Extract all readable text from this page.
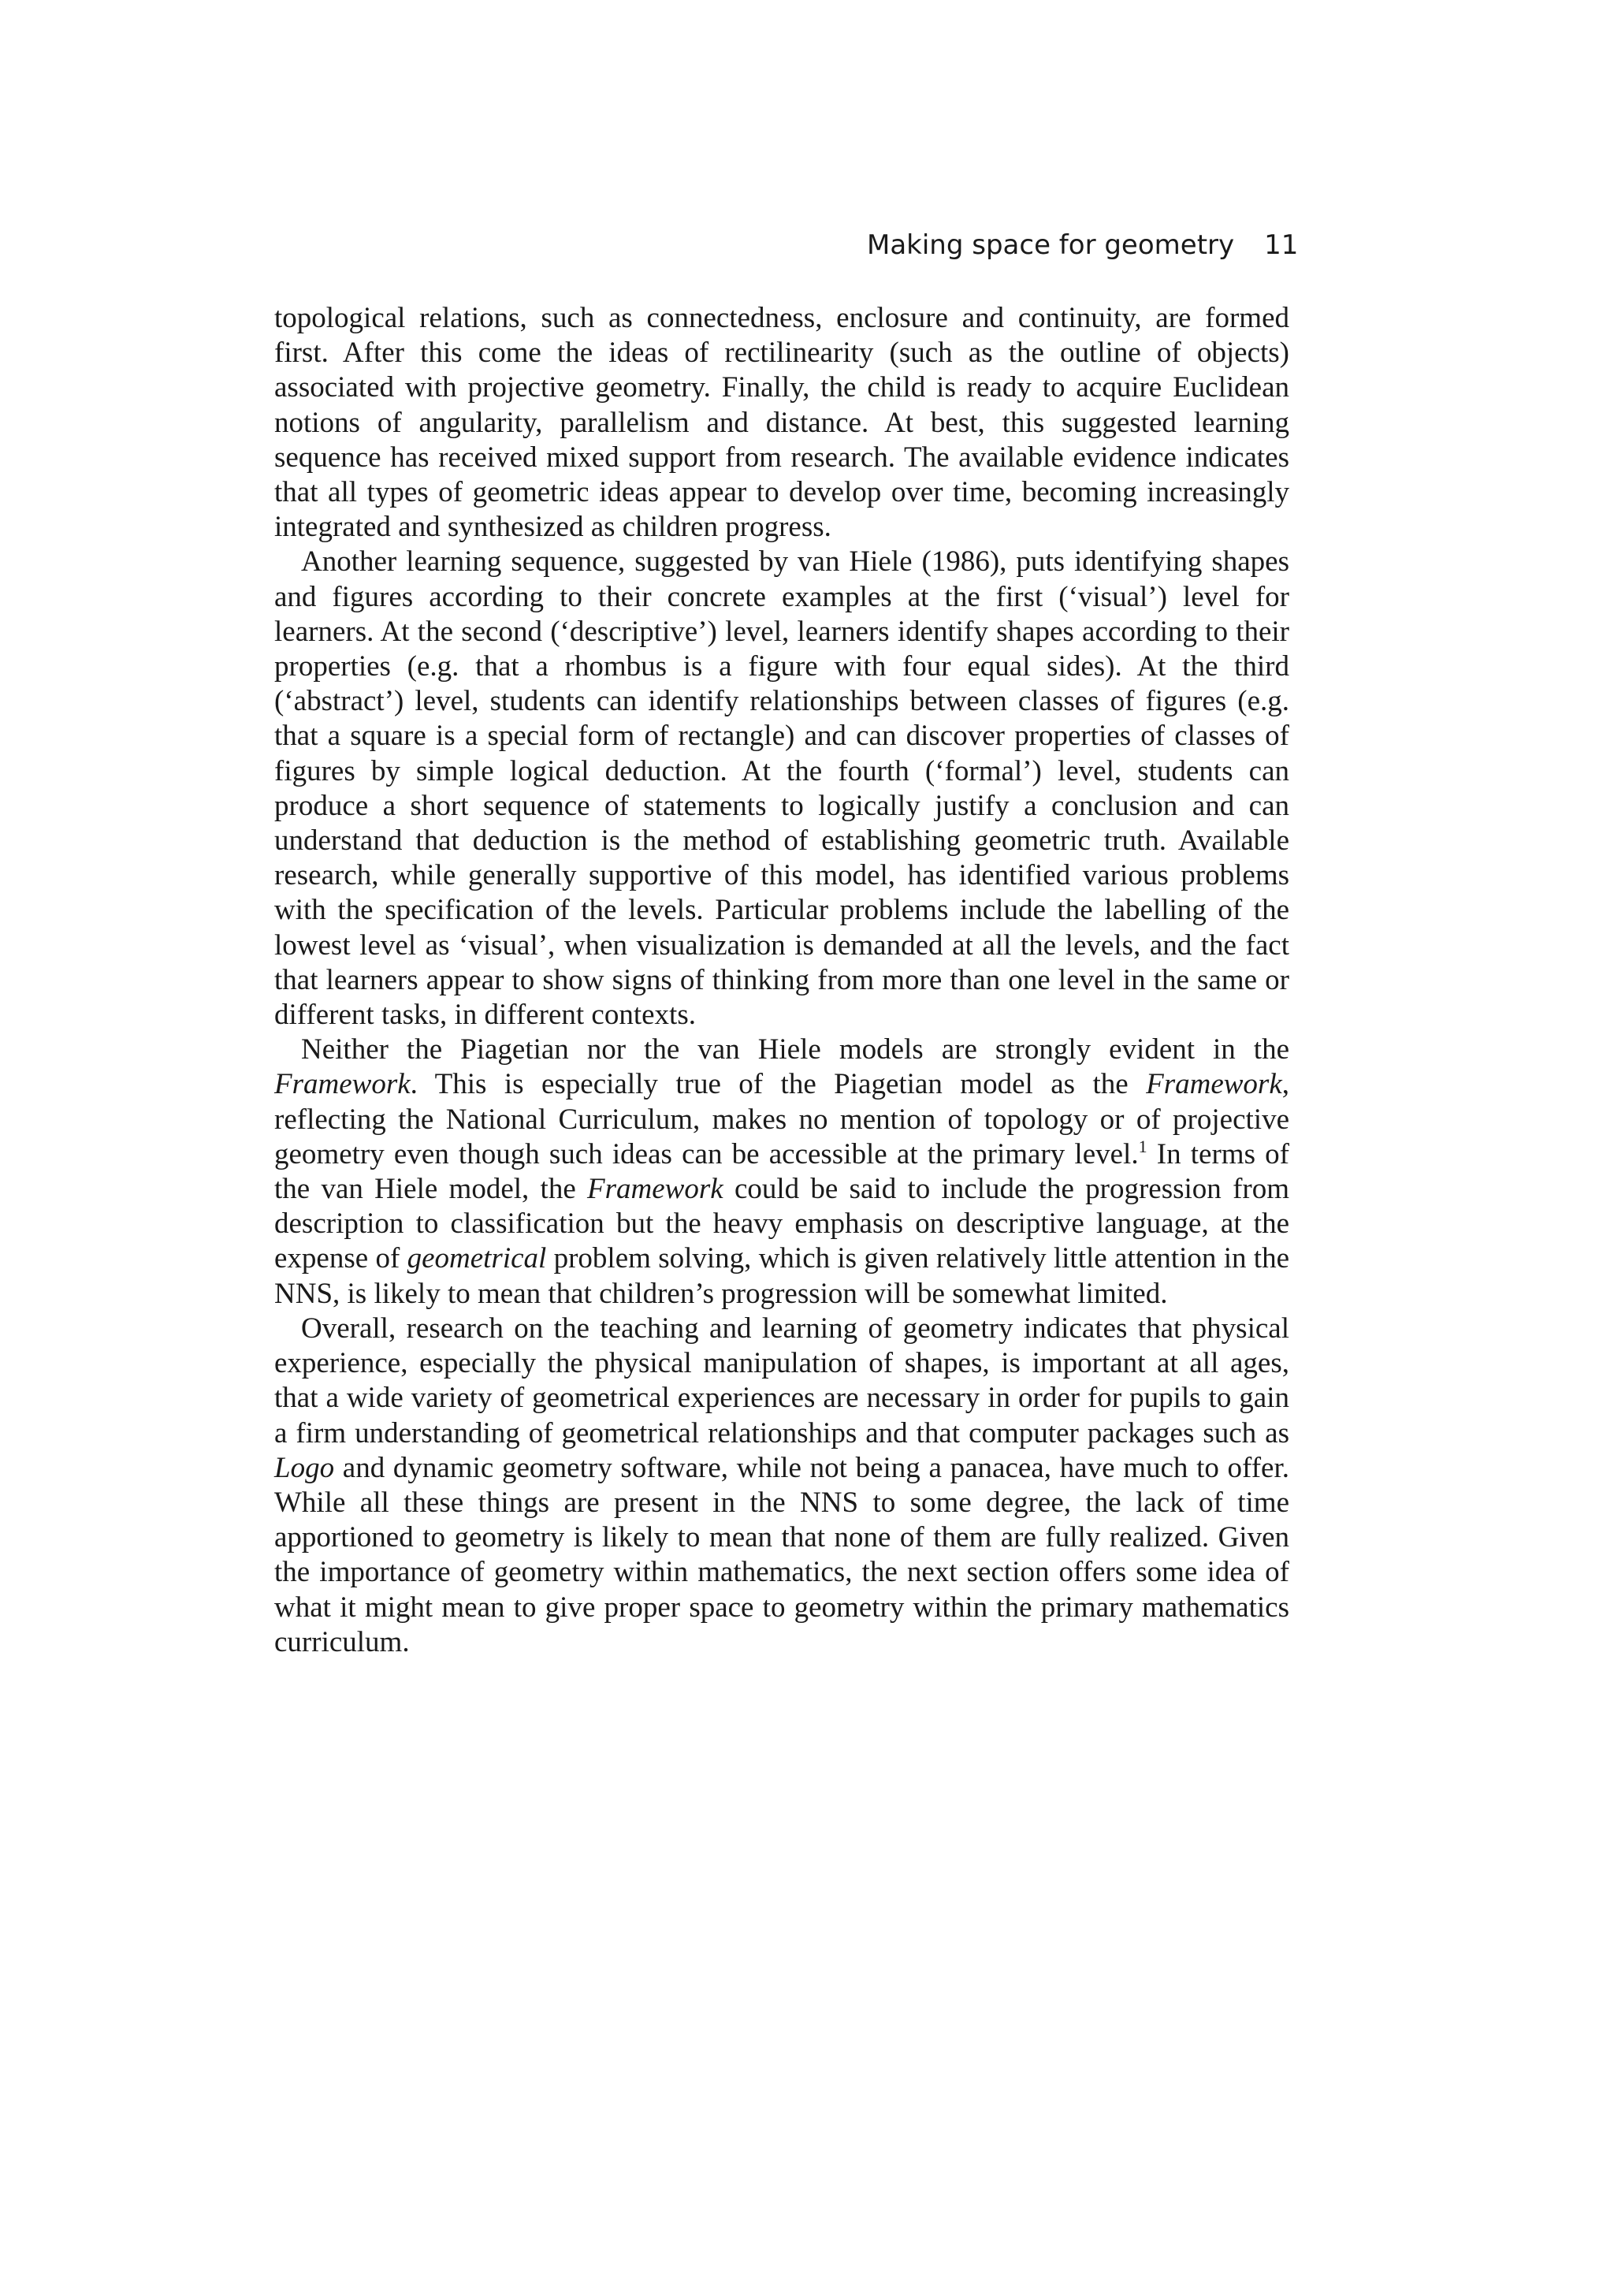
Making space for geometry 11

topological relations, such as connectedness, enclosure and continuity, are formed first. After this come the ideas of rectilinearity (such as the outline of objects) associated with projective geometry. Finally, the child is ready to acquire Euclidean notions of angularity, parallelism and distance. At best, this suggested learning sequence has received mixed support from research. The available evidence indicates that all types of geometric ideas appear to develop over time, becoming increasingly integrated and synthesized as children progress.

Another learning sequence, suggested by van Hiele (1986), puts identifying shapes and figures according to their concrete examples at the first (‘visual’) level for learners. At the second (‘descriptive’) level, learners identify shapes according to their properties (e.g. that a rhombus is a figure with four equal sides). At the third (‘abstract’) level, students can identify relationships between classes of figures (e.g. that a square is a special form of rectangle) and can discover properties of classes of figures by simple logical deduction. At the fourth (‘formal’) level, students can produce a short sequence of statements to logically justify a conclusion and can understand that deduction is the method of establishing geometric truth. Available research, while generally supportive of this model, has identified various problems with the specification of the levels. Particular problems include the labelling of the lowest level as ‘visual’, when visualization is demanded at all the levels, and the fact that learners appear to show signs of thinking from more than one level in the same or different tasks, in different contexts.

Neither the Piagetian nor the van Hiele models are strongly evident in the Framework. This is especially true of the Piagetian model as the Framework, reflecting the National Curriculum, makes no mention of topology or of projective geometry even though such ideas can be accessible at the primary level.$^1$ In terms of the van Hiele model, the Framework could be said to include the progression from description to classification but the heavy emphasis on descriptive language, at the expense of geometrical problem solving, which is given relatively little attention in the NNS, is likely to mean that children’s progression will be somewhat limited.

Overall, research on the teaching and learning of geometry indicates that physical experience, especially the physical manipulation of shapes, is important at all ages, that a wide variety of geometrical experiences are necessary in order for pupils to gain a firm understanding of geometrical relationships and that computer packages such as Logo and dynamic geometry software, while not being a panacea, have much to offer. While all these things are present in the NNS to some degree, the lack of time apportioned to geometry is likely to mean that none of them are fully realized. Given the importance of geometry within mathematics, the next section offers some idea of what it might mean to give proper space to geometry within the primary mathematics curriculum.
